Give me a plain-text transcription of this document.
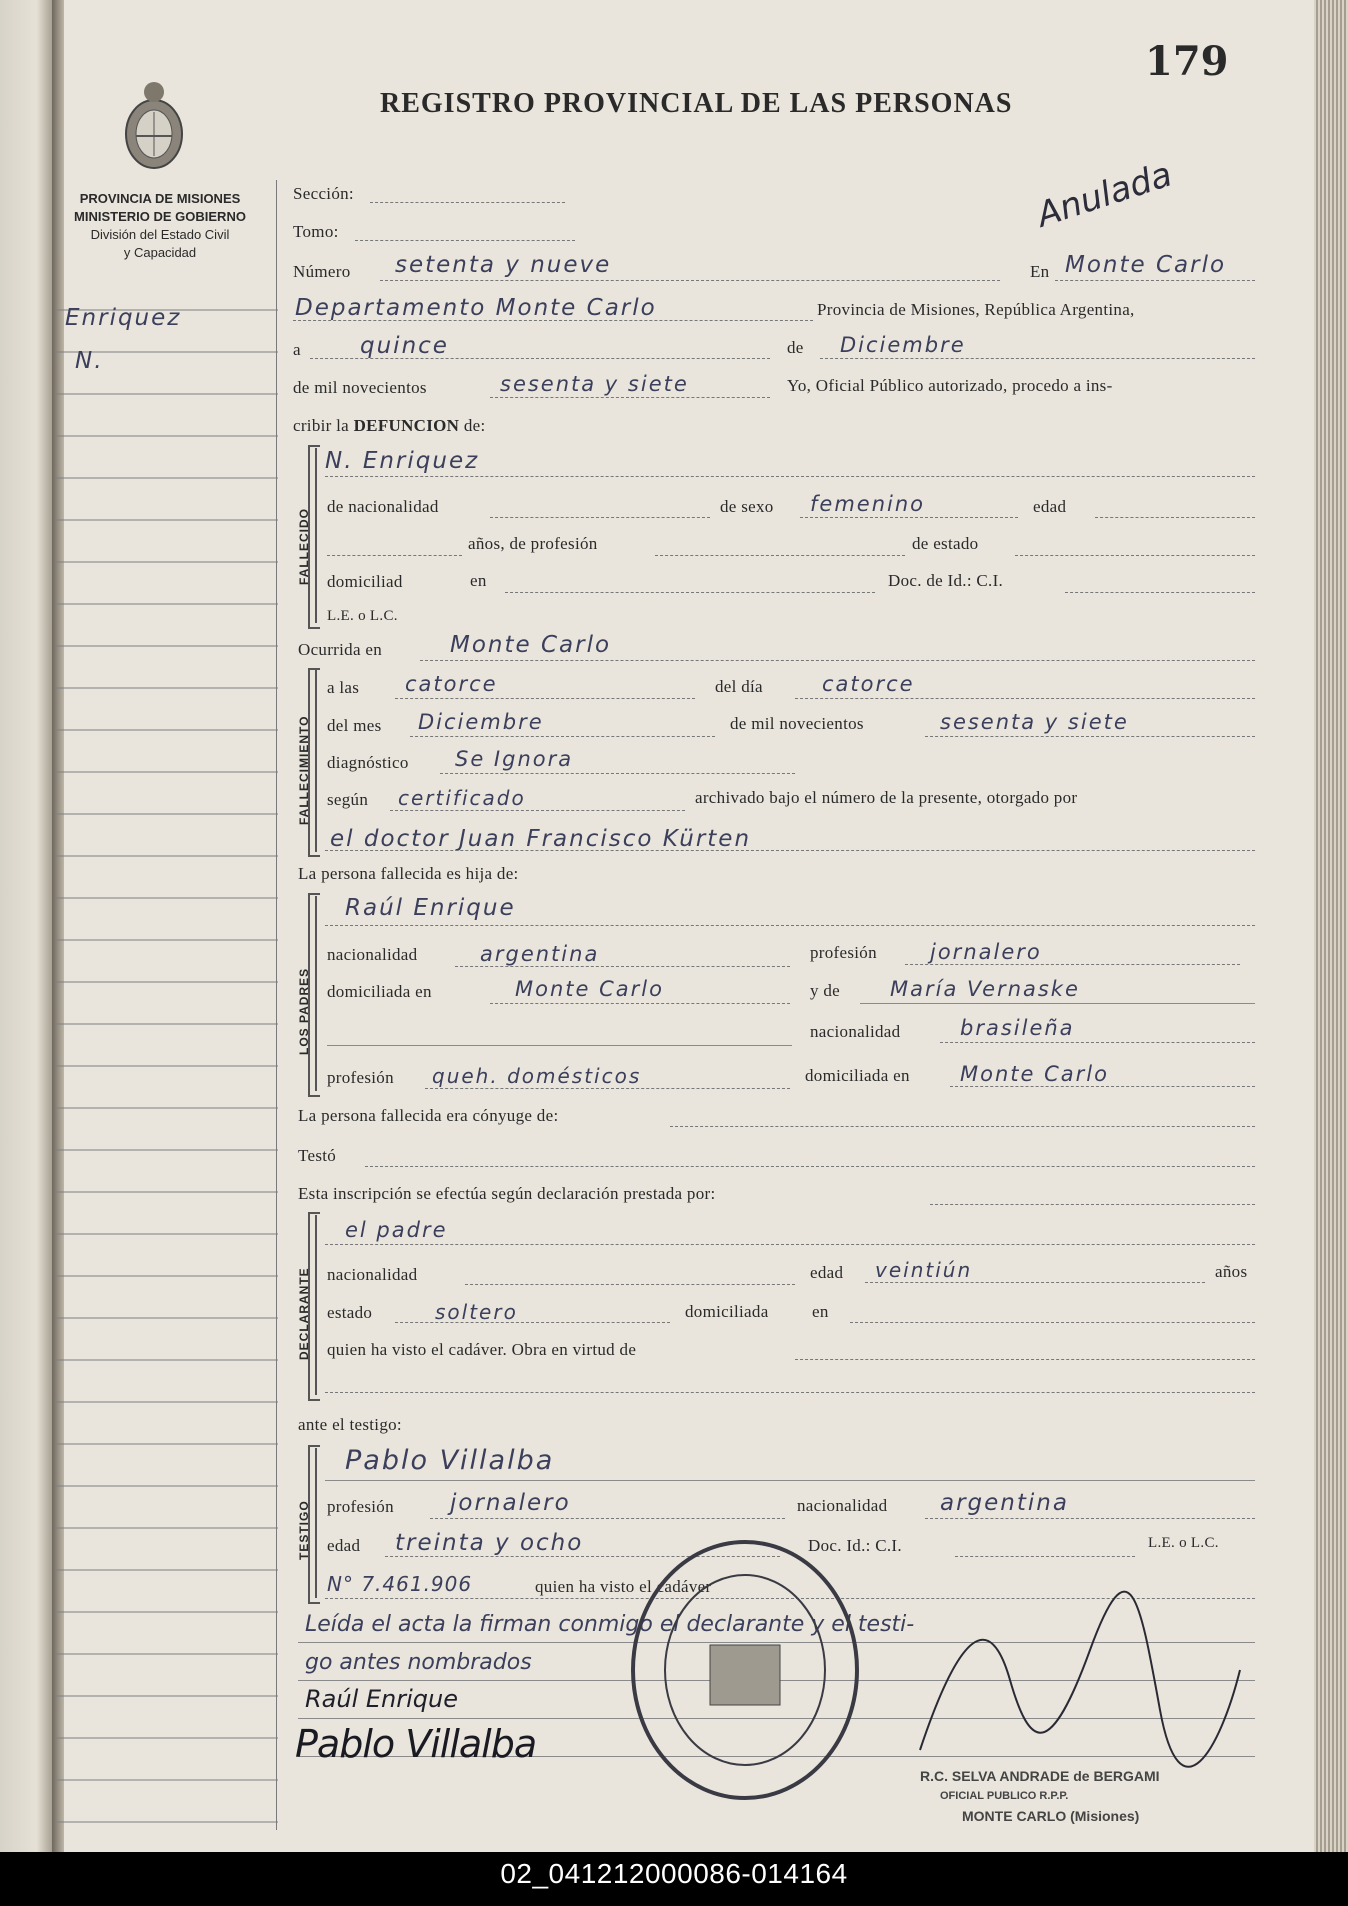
179
REGISTRO PROVINCIAL DE LAS PERSONAS
PROVINCIA DE MISIONES
MINISTERIO DE GOBIERNO
División del Estado Civil
y Capacidad
Anulada
Enriquez
N.
Sección:
Tomo:
Número setenta y nueve	En Monte Carlo
Departamento Monte Carlo	Provincia de Misiones, República Argentina,
a	quince	de Diciembre
de mil novecientos	sesenta y siete	Yo, Oficial Público autorizado, procedo a ins-
cribir la DEFUNCION de:
FALLECIDO
N. Enriquez
de nacionalidad	de sexo femenino	edad
años, de profesión	de estado
domiciliad	en	Doc. de Id.: C.I.
L.E. o L.C.
Ocurrida en	Monte Carlo
FALLECIMIENTO
a las catorce	del día	catorce
del mes Diciembre	de mil novecientos	sesenta y siete
diagnóstico Se Ignora
según certificado	archivado bajo el número de la presente, otorgado por
el doctor Juan Francisco Kürten
La persona fallecida es hija de:
LOS PADRES
Raúl Enrique
nacionalidad	argentina	profesión	jornalero
domiciliada en	Monte Carlo	y de María Vernaske
nacionalidad	brasileña
profesión queh. domésticos	domiciliada en Monte Carlo
La persona fallecida era cónyuge de:
Testó
Esta inscripción se efectúa según declaración prestada por:
DECLARANTE
el padre
nacionalidad	edad veintiún	años
estado	soltero	domiciliada	en
quien ha visto el cadáver. Obra en virtud de
ante el testigo:
TESTIGO
Pablo Villalba
profesión jornalero	nacionalidad argentina
edad treinta y ocho	Doc. Id.: C.I.	L.E. o L.C.
N° 7.461.906	quien ha visto el cadáver
Leída el acta la firman conmigo el declarante y el testi-
go antes nombrados
Raúl Enrique
Pablo Villalba
R.C. SELVA ANDRADE de BERGAMI
OFICIAL PUBLICO R.P.P.
MONTE CARLO (Misiones)
02_041212000086-014164
